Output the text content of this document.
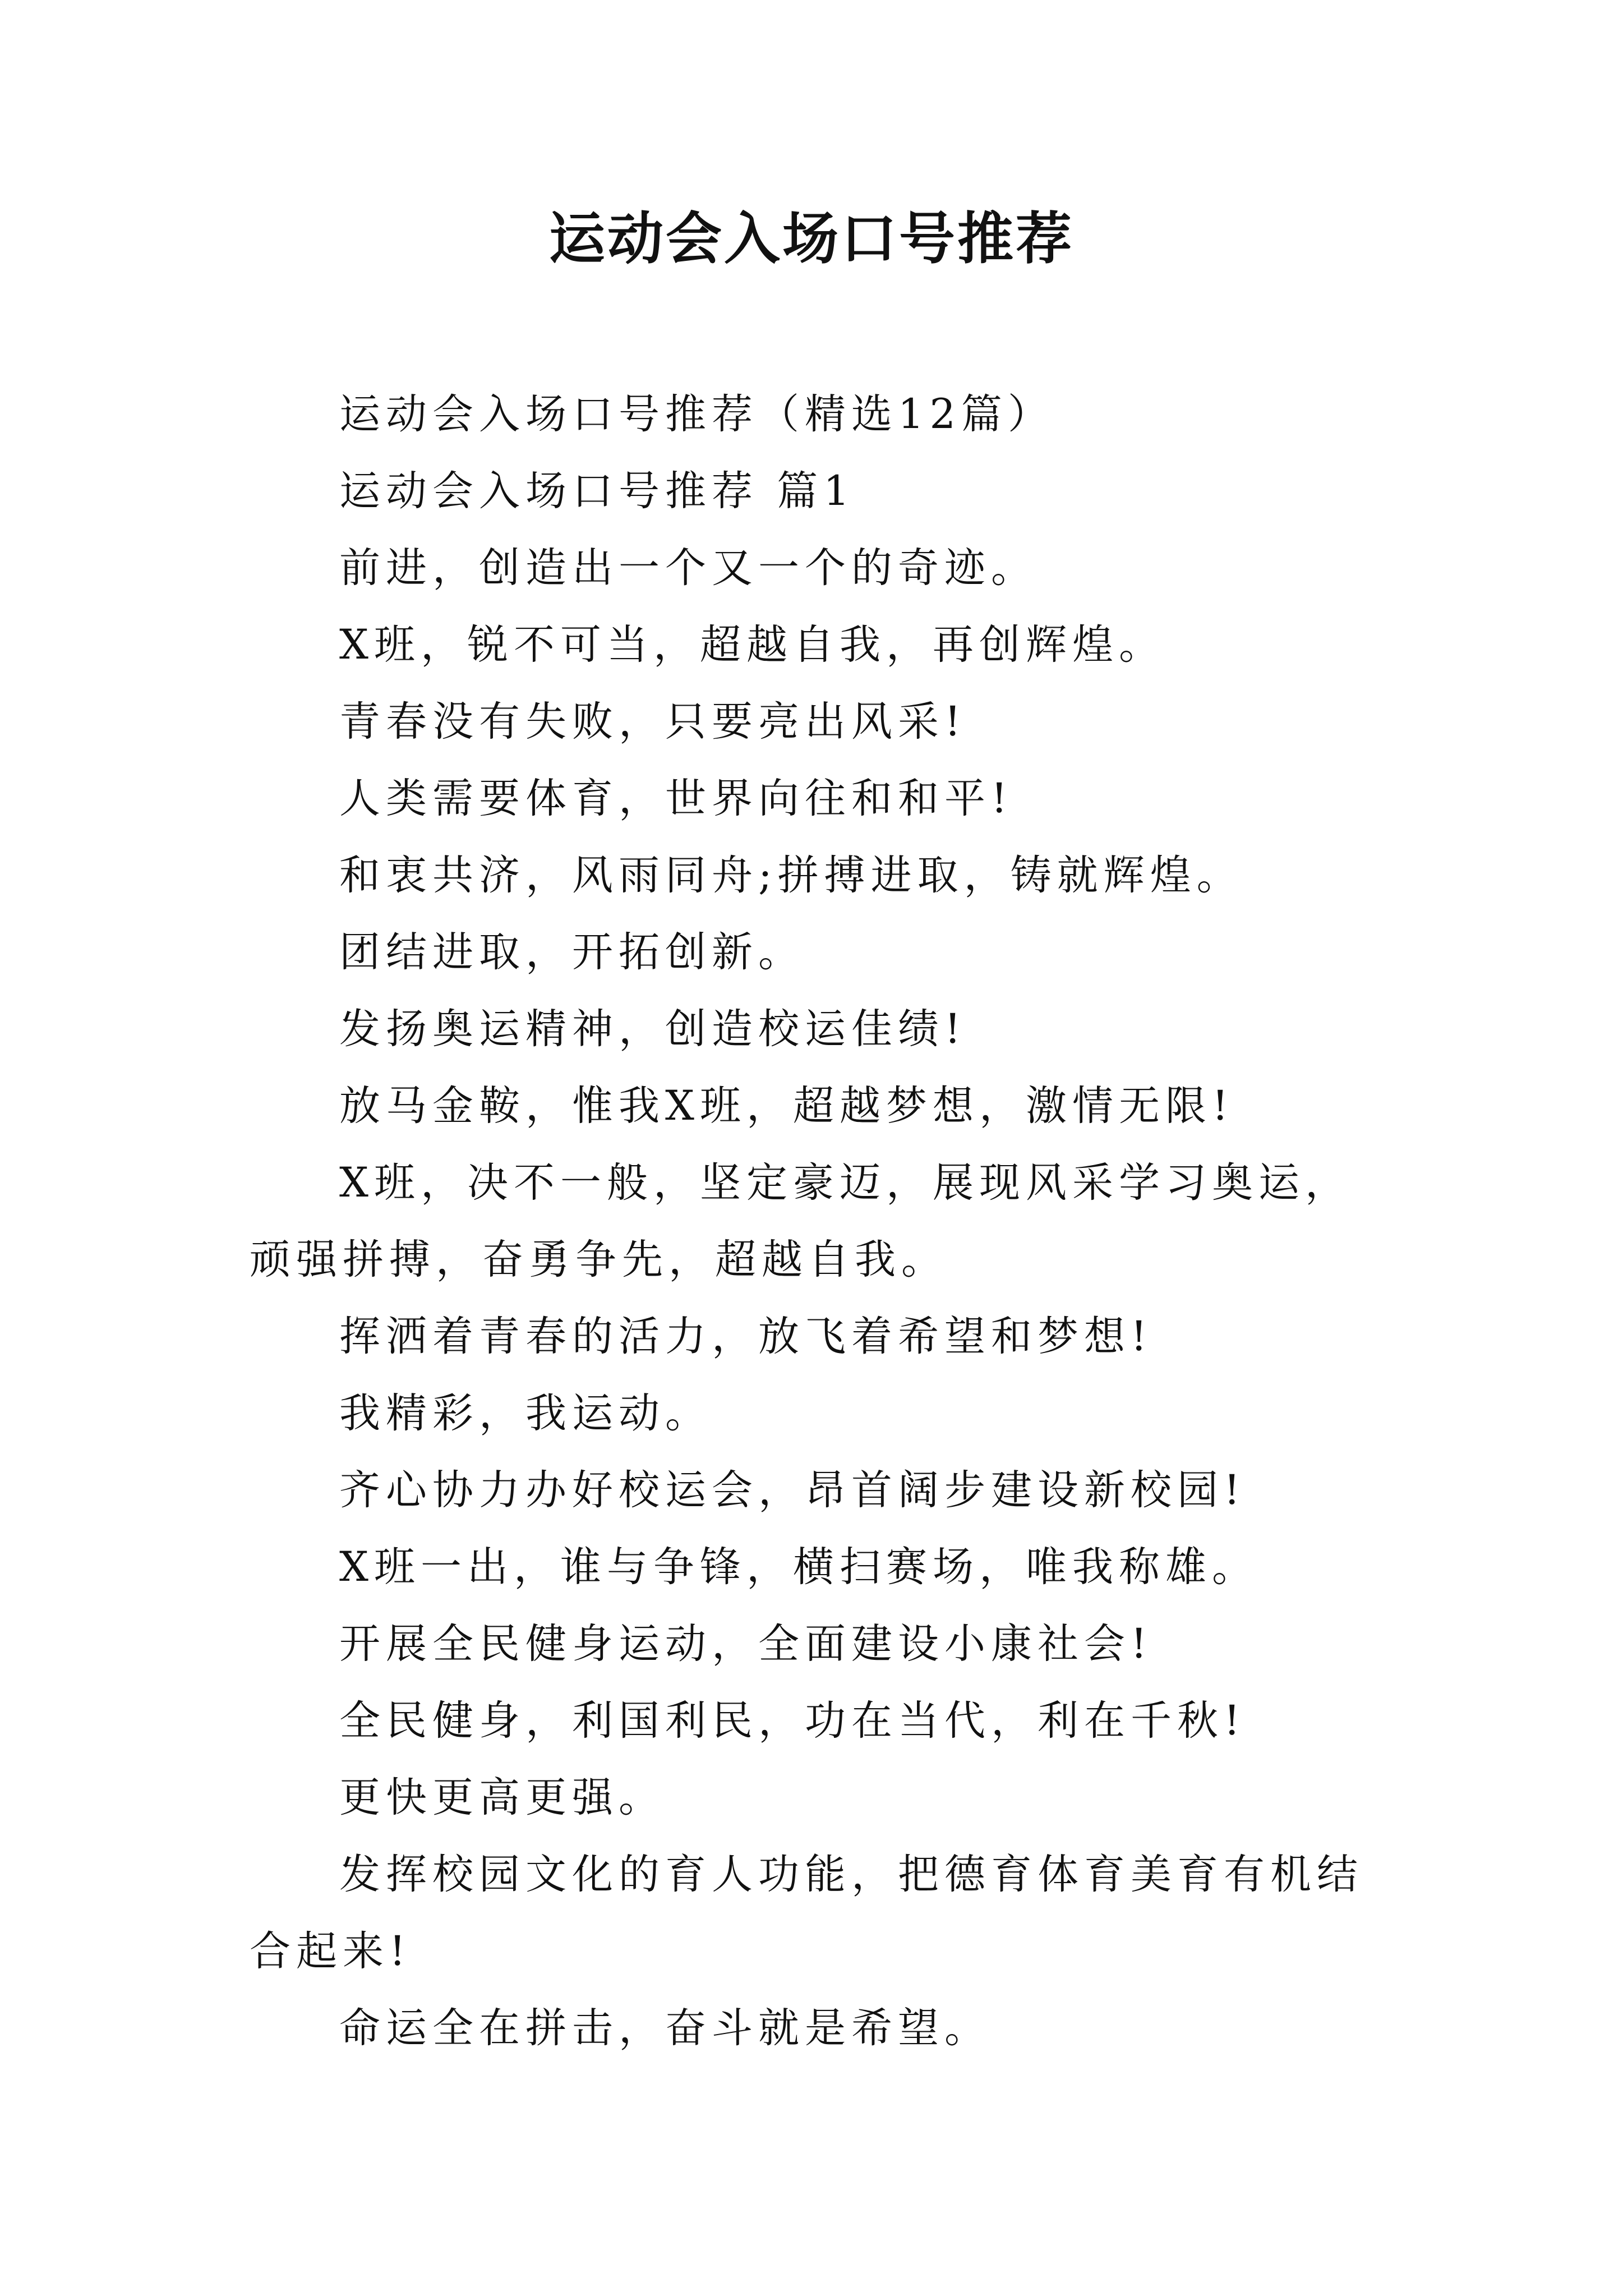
运动会入场口号推荐

运动会入场口号推荐（精选12篇）

运动会入场口号推荐 篇1

前进，创造出一个又一个的奇迹。

X班，锐不可当，超越自我，再创辉煌。

青春没有失败，只要亮出风采!

人类需要体育，世界向往和和平!

和衷共济，风雨同舟;拼搏进取，铸就辉煌。

团结进取，开拓创新。

发扬奥运精神，创造校运佳绩!

放马金鞍，惟我X班，超越梦想，激情无限!

X班，决不一般，坚定豪迈，展现风采学习奥运，顽强拼搏，奋勇争先，超越自我。

挥洒着青春的活力，放飞着希望和梦想!

我精彩，我运动。

齐心协力办好校运会，昂首阔步建设新校园!

X班一出，谁与争锋，横扫赛场，唯我称雄。

开展全民健身运动，全面建设小康社会!

全民健身，利国利民，功在当代，利在千秋!

更快更高更强。

发挥校园文化的育人功能，把德育体育美育有机结合起来!

命运全在拼击，奋斗就是希望。
